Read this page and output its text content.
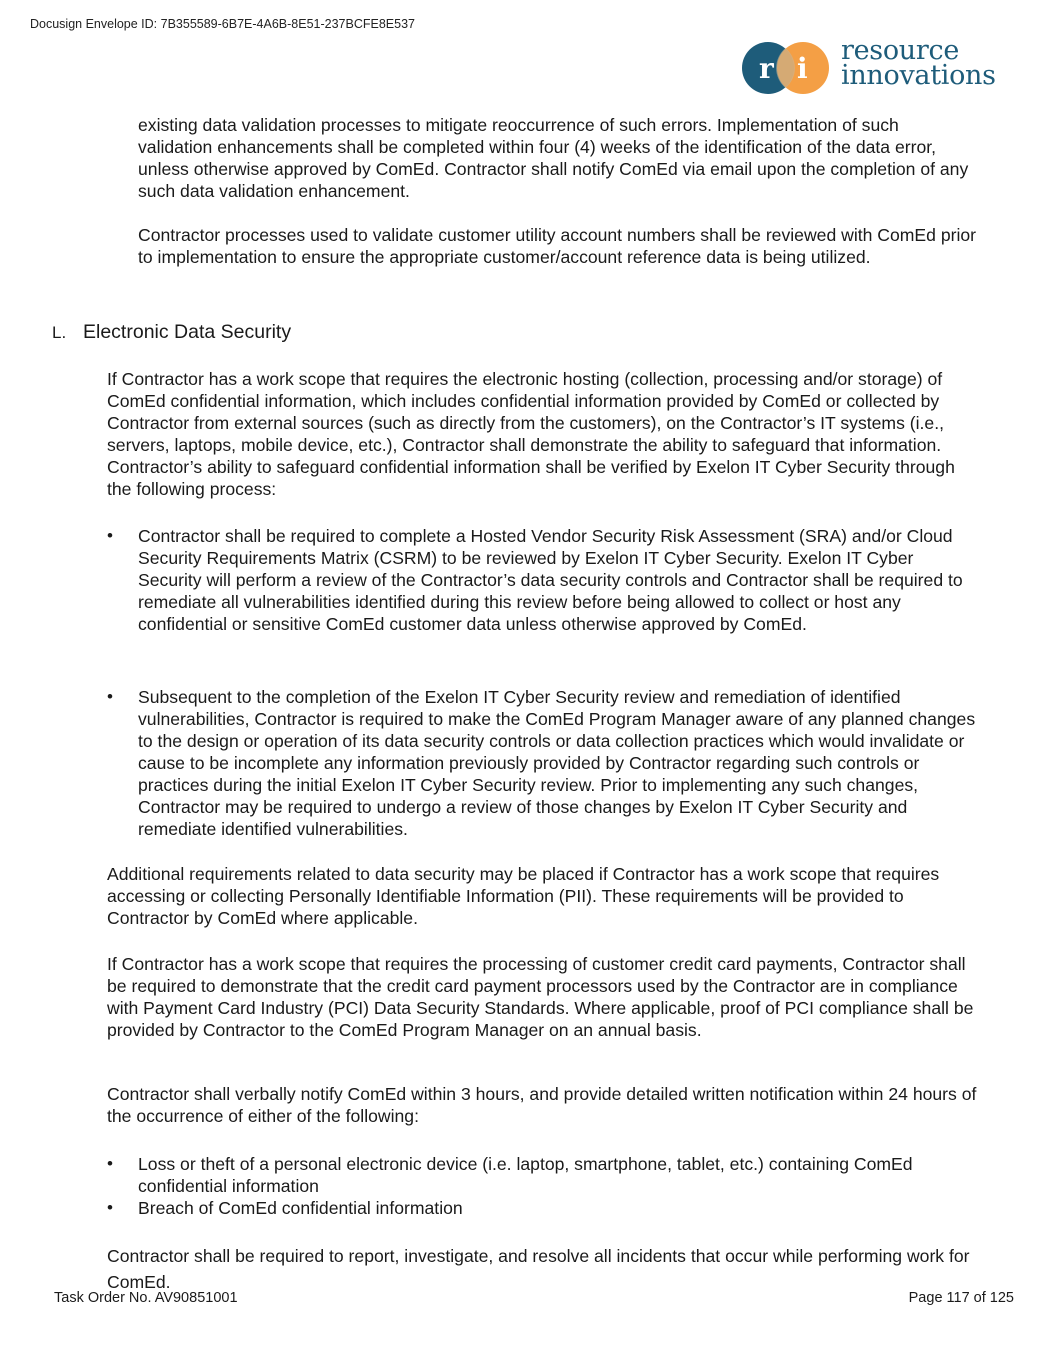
Docusign Envelope ID: 7B355589-6B7E-4A6B-8E51-237BCFE8E537
r i
resource
innovations

existing data validation processes to mitigate reoccurrence of such errors. Implementation of such validation enhancements shall be completed within four (4) weeks of the identification of the data error, unless otherwise approved by ComEd. Contractor shall notify ComEd via email upon the completion of any such data validation enhancement.

Contractor processes used to validate customer utility account numbers shall be reviewed with ComEd prior to implementation to ensure the appropriate customer/account reference data is being utilized.

L. Electronic Data Security

If Contractor has a work scope that requires the electronic hosting (collection, processing and/or storage) of ComEd confidential information, which includes confidential information provided by ComEd or collected by Contractor from external sources (such as directly from the customers), on the Contractor’s IT systems (i.e., servers, laptops, mobile device, etc.), Contractor shall demonstrate the ability to safeguard that information. Contractor’s ability to safeguard confidential information shall be verified by Exelon IT Cyber Security through the following process:

•	Contractor shall be required to complete a Hosted Vendor Security Risk Assessment (SRA) and/or Cloud Security Requirements Matrix (CSRM) to be reviewed by Exelon IT Cyber Security. Exelon IT Cyber Security will perform a review of the Contractor’s data security controls and Contractor shall be required to remediate all vulnerabilities identified during this review before being allowed to collect or host any confidential or sensitive ComEd customer data unless otherwise approved by ComEd.
•	Subsequent to the completion of the Exelon IT Cyber Security review and remediation of identified vulnerabilities, Contractor is required to make the ComEd Program Manager aware of any planned changes to the design or operation of its data security controls or data collection practices which would invalidate or cause to be incomplete any information previously provided by Contractor regarding such controls or practices during the initial Exelon IT Cyber Security review. Prior to implementing any such changes, Contractor may be required to undergo a review of those changes by Exelon IT Cyber Security and remediate identified vulnerabilities.

Additional requirements related to data security may be placed if Contractor has a work scope that requires accessing or collecting Personally Identifiable Information (PII). These requirements will be provided to Contractor by ComEd where applicable.

If Contractor has a work scope that requires the processing of customer credit card payments, Contractor shall be required to demonstrate that the credit card payment processors used by the Contractor are in compliance with Payment Card Industry (PCI) Data Security Standards. Where applicable, proof of PCI compliance shall be provided by Contractor to the ComEd Program Manager on an annual basis.

Contractor shall verbally notify ComEd within 3 hours, and provide detailed written notification within 24 hours of the occurrence of either of the following:

•	Loss or theft of a personal electronic device (i.e. laptop, smartphone, tablet, etc.) containing ComEd confidential information
•	Breach of ComEd confidential information

Contractor shall be required to report, investigate, and resolve all incidents that occur while performing work for ComEd.

Task Order No. AV90851001	Page 117 of 125
